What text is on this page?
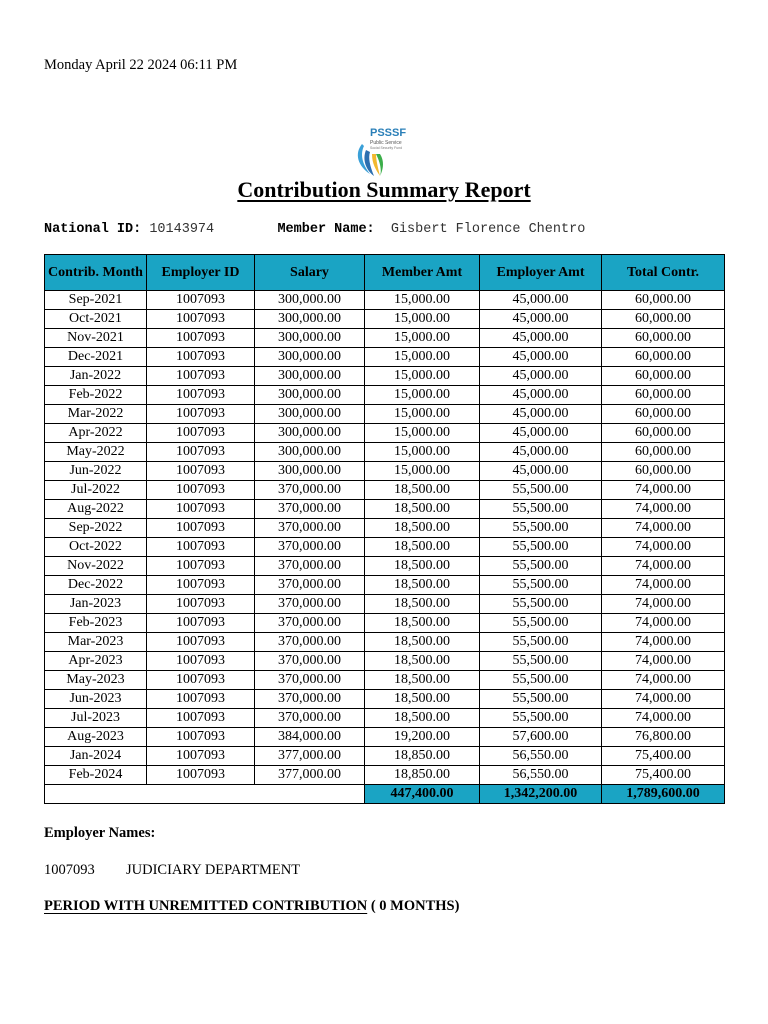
Monday April 22 2024 06:11 PM
PSSSF
Public Service
Social Security Fund
Contribution Summary Report
National ID: 10143974	Member Name: Gisbert Florence Chentro
Contrib. Month	Employer ID	Salary	Member Amt	Employer Amt	Total Contr.
Sep-2021	1007093	300,000.00	15,000.00	45,000.00	60,000.00
Oct-2021	1007093	300,000.00	15,000.00	45,000.00	60,000.00
Nov-2021	1007093	300,000.00	15,000.00	45,000.00	60,000.00
Dec-2021	1007093	300,000.00	15,000.00	45,000.00	60,000.00
Jan-2022	1007093	300,000.00	15,000.00	45,000.00	60,000.00
Feb-2022	1007093	300,000.00	15,000.00	45,000.00	60,000.00
Mar-2022	1007093	300,000.00	15,000.00	45,000.00	60,000.00
Apr-2022	1007093	300,000.00	15,000.00	45,000.00	60,000.00
May-2022	1007093	300,000.00	15,000.00	45,000.00	60,000.00
Jun-2022	1007093	300,000.00	15,000.00	45,000.00	60,000.00
Jul-2022	1007093	370,000.00	18,500.00	55,500.00	74,000.00
Aug-2022	1007093	370,000.00	18,500.00	55,500.00	74,000.00
Sep-2022	1007093	370,000.00	18,500.00	55,500.00	74,000.00
Oct-2022	1007093	370,000.00	18,500.00	55,500.00	74,000.00
Nov-2022	1007093	370,000.00	18,500.00	55,500.00	74,000.00
Dec-2022	1007093	370,000.00	18,500.00	55,500.00	74,000.00
Jan-2023	1007093	370,000.00	18,500.00	55,500.00	74,000.00
Feb-2023	1007093	370,000.00	18,500.00	55,500.00	74,000.00
Mar-2023	1007093	370,000.00	18,500.00	55,500.00	74,000.00
Apr-2023	1007093	370,000.00	18,500.00	55,500.00	74,000.00
May-2023	1007093	370,000.00	18,500.00	55,500.00	74,000.00
Jun-2023	1007093	370,000.00	18,500.00	55,500.00	74,000.00
Jul-2023	1007093	370,000.00	18,500.00	55,500.00	74,000.00
Aug-2023	1007093	384,000.00	19,200.00	57,600.00	76,800.00
Jan-2024	1007093	377,000.00	18,850.00	56,550.00	75,400.00
Feb-2024	1007093	377,000.00	18,850.00	56,550.00	75,400.00
			447,400.00	1,342,200.00	1,789,600.00
Employer Names:
1007093 JUDICIARY DEPARTMENT
PERIOD WITH UNREMITTED CONTRIBUTION ( 0 MONTHS)
